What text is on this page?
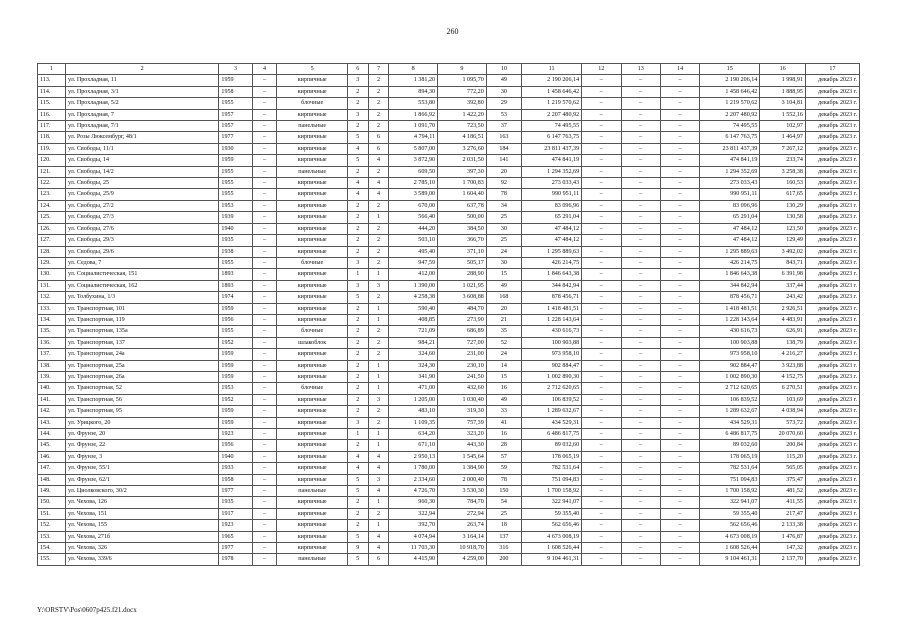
260
1	2	3	4	5	6	7	8	9	10	11	12	13	14	15	16	17
113.	ул. Прохладная, 11	1959	–	кирпичные	3	2	1 381,20	1 095,70	49	2 190 206,14	–	–	–	2 190 206,14	1 998,91	декабрь 2023 г.
114.	ул. Прохладная, 3/1	1958	–	кирпичные	2	2	894,30	772,20	30	1 458 646,42	–	–	–	1 458 646,42	1 888,95	декабрь 2023 г.
115.	ул. Прохладная, 5/2	1955	–	блочные	2	2	553,80	392,80	29	1 219 570,62	–	–	–	1 219 570,62	3 104,81	декабрь 2023 г.
116.	ул. Прохладная, 7	1957	–	кирпичные	3	2	1 866,92	1 422,20	53	2 207 480,92	–	–	–	2 207 480,92	1 552,16	декабрь 2023 г.
117.	ул. Прохладная, 7/1	1957	–	панельные	2	2	1 091,70	723,50	37	74 495,55	–	–	–	74 495,55	102,97	декабрь 2023 г.
118.	ул. Розы Люксембург, 48/1	1977	–	кирпичные	5	6	4 794,11	4 186,51	163	6 147 763,75	–	–	–	6 147 763,75	1 464,97	декабрь 2023 г.
119.	ул. Свободы, 11/1	1930	–	кирпичные	4	6	5 807,00	3 276,60	184	23 811 437,39	–	–	–	23 811 437,39	7 267,12	декабрь 2023 г.
120.	ул. Свободы, 14	1959	–	кирпичные	5	4	3 872,90	2 031,50	141	474 841,19	–	–	–	474 841,19	233,74	декабрь 2023 г.
121.	ул. Свободы, 14/2	1955	–	панельные	2	2	609,50	397,30	20	1 294 352,69	–	–	–	1 294 352,69	3 258,38	декабрь 2023 г.
122.	ул. Свободы, 25	1955	–	кирпичные	4	4	2 785,10	1 700,83	92	273 033,43	–	–	–	273 033,43	160,53	декабрь 2023 г.
123.	ул. Свободы, 25/9	1955	–	кирпичные	4	4	3 589,00	1 604,40	78	990 951,11	–	–	–	990 951,11	617,65	декабрь 2023 г.
124.	ул. Свободы, 27/2	1953	–	кирпичные	2	2	670,00	637,78	34	83 096,96	–	–	–	83 096,96	130,29	декабрь 2023 г.
125.	ул. Свободы, 27/3	1939	–	кирпичные	2	1	566,40	500,00	25	65 291,04	–	–	–	65 291,04	130,58	декабрь 2023 г.
126.	ул. Свободы, 27/6	1940	–	кирпичные	2	2	444,20	384,50	30	47 484,12	–	–	–	47 484,12	123,50	декабрь 2023 г.
127.	ул. Свободы, 29/3	1935	–	кирпичные	2	2	503,10	366,70	25	47 484,12	–	–	–	47 484,12	129,49	декабрь 2023 г.
128.	ул. Свободы, 29/6	1938	–	кирпичные	2	2	495,40	371,10	24	1 295 889,63	–	–	–	1 295 889,63	3 492,02	декабрь 2023 г.
129.	ул. Седова, 7	1955	–	блочные	3	2	947,59	505,17	30	426 214,75	–	–	–	426 214,75	843,71	декабрь 2023 г.
130.	ул. Социалистическая, 151	1893	–	кирпичные	1	1	412,00	288,90	15	1 846 643,38	–	–	–	1 846 643,38	6 391,98	декабрь 2023 г.
131.	ул. Социалистическая, 162	1893	–	кирпичные	3	3	1 390,00	1 021,95	49	344 842,94	–	–	–	344 842,94	337,44	декабрь 2023 г.
132.	ул. Толбухина, 1/3	1974	–	кирпичные	5	2	4 258,38	3 608,88	168	878 456,71	–	–	–	878 456,71	243,42	декабрь 2023 г.
133.	ул. Транспортная, 101	1959	–	кирпичные	2	1	590,40	484,70	20	1 418 481,51	–	–	–	1 418 481,51	2 926,51	декабрь 2023 г.
134.	ул. Транспортная, 119	1956	–	кирпичные	2	1	408,85	273,90	21	1 228 143,64	–	–	–	1 228 143,64	4 483,91	декабрь 2023 г.
135.	ул. Транспортная, 135а	1955	–	блочные	2	2	721,09	686,89	35	430 616,73	–	–	–	430 616,73	626,91	декабрь 2023 г.
136.	ул. Транспортная, 137	1952	–	шлакоблок	2	2	984,21	727,00	52	100 903,88	–	–	–	100 903,88	138,79	декабрь 2023 г.
137.	ул. Транспортная, 24а	1959	–	кирпичные	2	2	324,60	231,00	24	973 958,10	–	–	–	973 958,10	4 216,27	декабрь 2023 г.
138.	ул. Транспортная, 25а	1959	–	кирпичные	2	1	324,30	230,10	14	902 884,47	–	–	–	902 884,47	3 923,88	декабрь 2023 г.
139.	ул. Транспортная, 26а	1959	–	кирпичные	2	1	341,90	241,50	15	1 002 890,30	–	–	–	1 002 890,30	4 152,75	декабрь 2023 г.
140.	ул. Транспортная, 52	1953	–	блочные	2	1	471,00	432,60	16	2 712 620,65	–	–	–	2 712 620,65	6 270,51	декабрь 2023 г.
141.	ул. Транспортная, 56	1952	–	кирпичные	2	3	1 205,00	1 030,40	49	106 839,52	–	–	–	106 839,52	103,69	декабрь 2023 г.
142.	ул. Транспортная, 95	1959	–	кирпичные	2	2	483,10	319,30	33	1 289 632,67	–	–	–	1 289 632,67	4 038,94	декабрь 2023 г.
143.	ул. Урицкого, 20	1959	–	кирпичные	3	2	1 109,35	757,39	41	434 529,31	–	–	–	434 529,31	573,72	декабрь 2023 г.
144.	ул. Фрунзе, 20	1923	–	кирпичные	1	1	634,20	323,20	16	6 486 817,75	–	–	–	6 486 817,75	20 070,60	декабрь 2023 г.
145.	ул. Фрунзе, 22	1956	–	кирпичные	2	1	671,10	443,30	28	89 032,60	–	–	–	89 032,60	200,84	декабрь 2023 г.
146.	ул. Фрунзе, 3	1940	–	кирпичные	4	4	2 950,13	1 545,64	57	178 065,19	–	–	–	178 065,19	115,20	декабрь 2023 г.
147.	ул. Фрунзе, 55/1	1933	–	кирпичные	4	4	1 780,00	1 384,90	59	782 531,64	–	–	–	782 531,64	565,05	декабрь 2023 г.
148.	ул. Фрунзе, 62/1	1958	–	кирпичные	5	3	2 334,60	2 000,40	78	751 094,83	–	–	–	751 094,83	375,47	декабрь 2023 г.
149.	ул. Циолковского, 30/2	1977	–	панельные	5	4	4 726,70	3 530,30	150	1 700 158,92	–	–	–	1 700 158,92	481,52	декабрь 2023 г.
150.	ул. Чехова, 126	1935	–	кирпичные	2	1	960,30	784,70	54	322 941,07	–	–	–	322 941,07	411,55	декабрь 2023 г.
151.	ул. Чехова, 151	1917	–	кирпичные	2	2	322,94	272,94	25	59 355,40	–	–	–	59 355,40	217,47	декабрь 2023 г.
152.	ул. Чехова, 155	1923	–	кирпичные	2	1	392,70	263,74	18	562 656,46	–	–	–	562 656,46	2 133,38	декабрь 2023 г.
153.	ул. Чехова, 271б	1965	–	кирпичные	5	4	4 074,94	3 164,14	137	4 673 008,19	–	–	–	4 673 008,19	1 476,87	декабрь 2023 г.
154.	ул. Чехова, 326	1977	–	кирпичные	9	4	11 703,30	10 918,70	316	1 608 526,44	–	–	–	1 608 526,44	147,32	декабрь 2023 г.
155.	ул. Чехова, 339/6	1978	–	панельные	5	6	4 415,90	4 259,00	200	9 104 461,31	–	–	–	9 104 461,31	2 137,70	декабрь 2023 г.
Y:\ORSTV\Pos\0607p425.f21.docx
